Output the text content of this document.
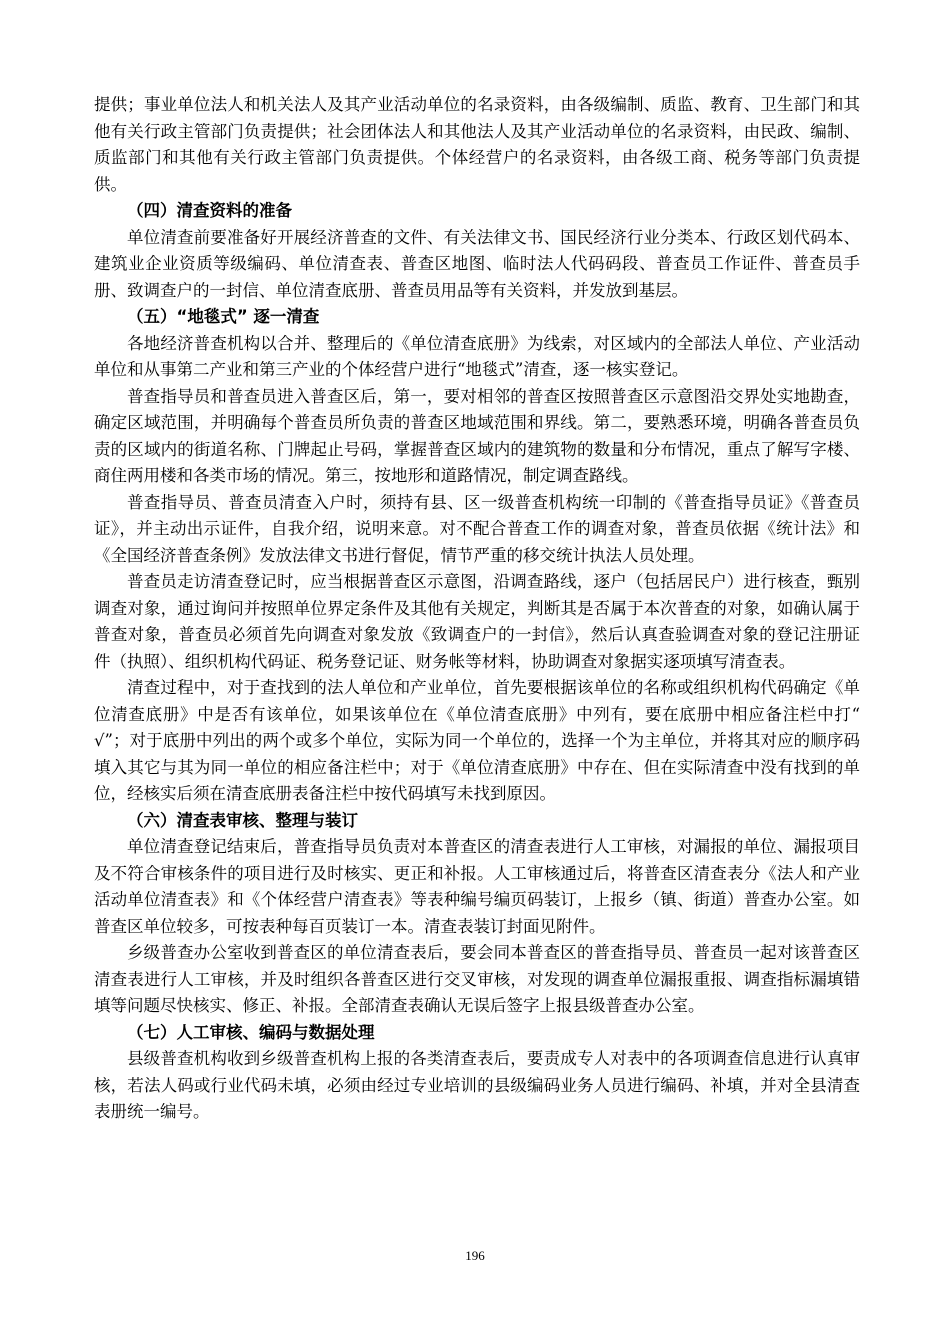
提供；事业单位法人和机关法人及其产业活动单位的名录资料，由各级编制、质监、教育、卫生部门和其他有关行政主管部门负责提供；社会团体法人和其他法人及其产业活动单位的名录资料，由民政、编制、质监部门和其他有关行政主管部门负责提供。个体经营户的名录资料，由各级工商、税务等部门负责提供。

（四）清查资料的准备

单位清查前要准备好开展经济普查的文件、有关法律文书、国民经济行业分类本、行政区划代码本、建筑业企业资质等级编码、单位清查表、普查区地图、临时法人代码码段、普查员工作证件、普查员手册、致调查户的一封信、单位清查底册、普查员用品等有关资料，并发放到基层。

（五）“地毯式” 逐一清查

各地经济普查机构以合并、整理后的《单位清查底册》为线索，对区域内的全部法人单位、产业活动单位和从事第二产业和第三产业的个体经营户进行“地毯式”清查，逐一核实登记。

普查指导员和普查员进入普查区后，第一，要对相邻的普查区按照普查区示意图沿交界处实地勘查，确定区域范围，并明确每个普查员所负责的普查区地域范围和界线。第二，要熟悉环境，明确各普查员负责的区域内的街道名称、门牌起止号码，掌握普查区域内的建筑物的数量和分布情况，重点了解写字楼、商住两用楼和各类市场的情况。第三，按地形和道路情况，制定调查路线。

普查指导员、普查员清查入户时，须持有县、区一级普查机构统一印制的《普查指导员证》《普查员证》，并主动出示证件，自我介绍，说明来意。对不配合普查工作的调查对象，普查员依据《统计法》和《全国经济普查条例》发放法律文书进行督促，情节严重的移交统计执法人员处理。

普查员走访清查登记时，应当根据普查区示意图，沿调查路线，逐户（包括居民户）进行核查，甄别调查对象，通过询问并按照单位界定条件及其他有关规定，判断其是否属于本次普查的对象，如确认属于普查对象，普查员必须首先向调查对象发放《致调查户的一封信》，然后认真查验调查对象的登记注册证件（执照）、组织机构代码证、税务登记证、财务帐等材料，协助调查对象据实逐项填写清查表。

清查过程中，对于查找到的法人单位和产业单位，首先要根据该单位的名称或组织机构代码确定《单位清查底册》中是否有该单位，如果该单位在《单位清查底册》中列有，要在底册中相应备注栏中打“ √”；对于底册中列出的两个或多个单位，实际为同一个单位的，选择一个为主单位，并将其对应的顺序码填入其它与其为同一单位的相应备注栏中；对于《单位清查底册》中存在、但在实际清查中没有找到的单位，经核实后须在清查底册表备注栏中按代码填写未找到原因。

（六）清查表审核、整理与装订

单位清查登记结束后，普查指导员负责对本普查区的清查表进行人工审核，对漏报的单位、漏报项目及不符合审核条件的项目进行及时核实、更正和补报。人工审核通过后，将普查区清查表分《法人和产业活动单位清查表》和《个体经营户清查表》等表种编号编页码装订，上报乡（镇、街道）普查办公室。如普查区单位较多，可按表种每百页装订一本。清查表装订封面见附件。

乡级普查办公室收到普查区的单位清查表后，要会同本普查区的普查指导员、普查员一起对该普查区清查表进行人工审核，并及时组织各普查区进行交叉审核，对发现的调查单位漏报重报、调查指标漏填错填等问题尽快核实、修正、补报。全部清查表确认无误后签字上报县级普查办公室。

（七）人工审核、编码与数据处理

县级普查机构收到乡级普查机构上报的各类清查表后，要责成专人对表中的各项调查信息进行认真审核，若法人码或行业代码未填，必须由经过专业培训的县级编码业务人员进行编码、补填，并对全县清查表册统一编号。

196
